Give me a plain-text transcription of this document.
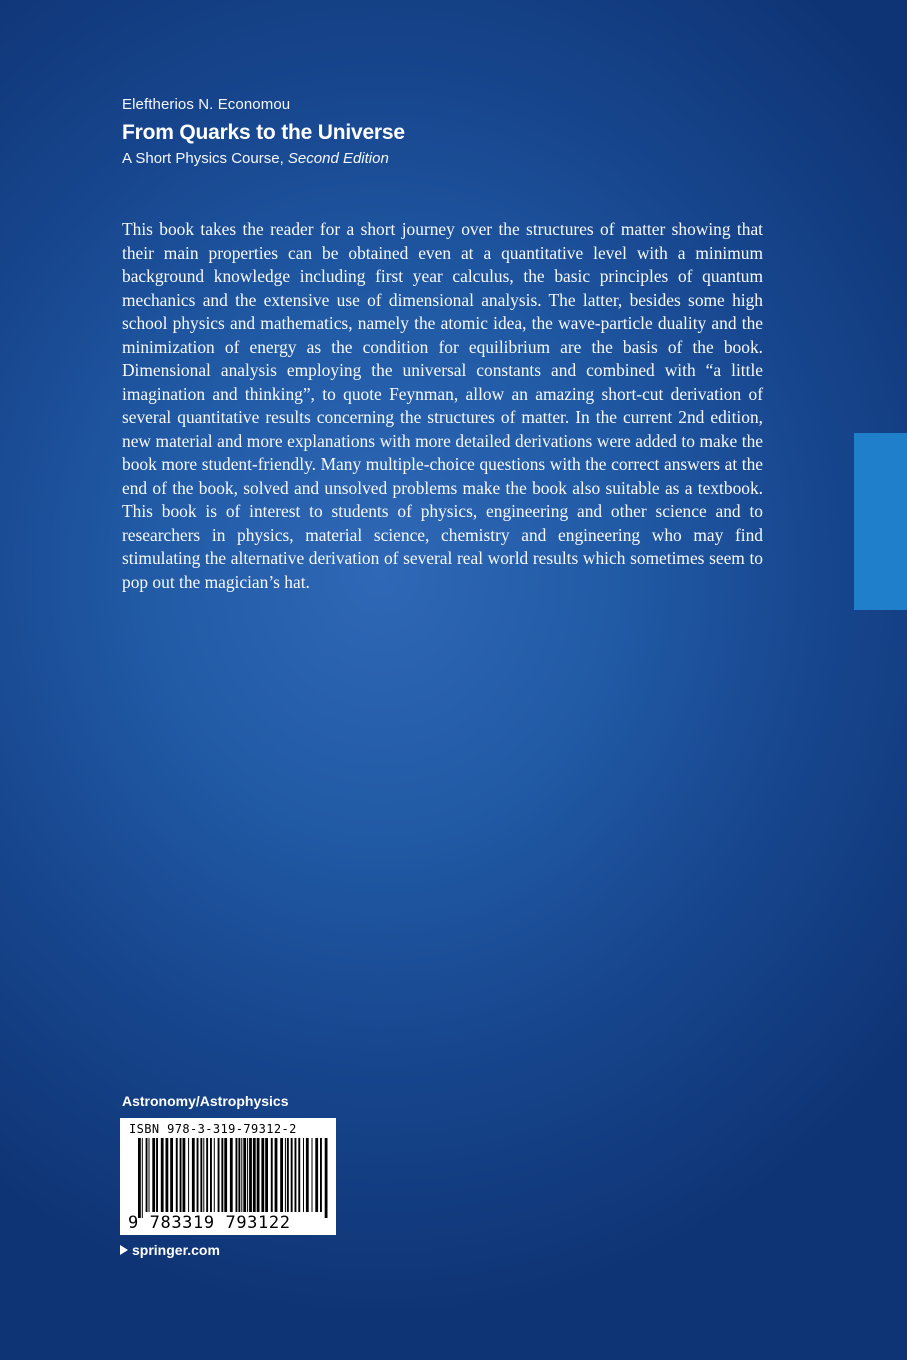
Eleftherios N. Economou
From Quarks to the Universe
A Short Physics Course, Second Edition

This book takes the reader for a short journey over the structures of matter showing that their main properties can be obtained even at a quantitative level with a minimum background knowledge including first year calculus, the basic principles of quantum mechanics and the extensive use of dimensional analysis. The latter, besides some high school physics and mathematics, namely the atomic idea, the wave-particle duality and the minimization of energy as the condition for equilibrium are the basis of the book. Dimensional analysis employing the universal constants and combined with “a little imagination and thinking”, to quote Feynman, allow an amazing short-cut derivation of several quantitative results concerning the structures of matter. In the current 2nd edition, new material and more explanations with more detailed derivations were added to make the book more student-friendly. Many multiple-choice questions with the correct answers at the end of the book, solved and unsolved problems make the book also suitable as a textbook. This book is of interest to students of physics, engineering and other science and to researchers in physics, material science, chemistry and engineering who may find stimulating the alternative derivation of several real world results which sometimes seem to pop out the magician’s hat.

Astronomy/Astrophysics
ISBN 978-3-319-79312-2
9 783319 793122
springer.com
